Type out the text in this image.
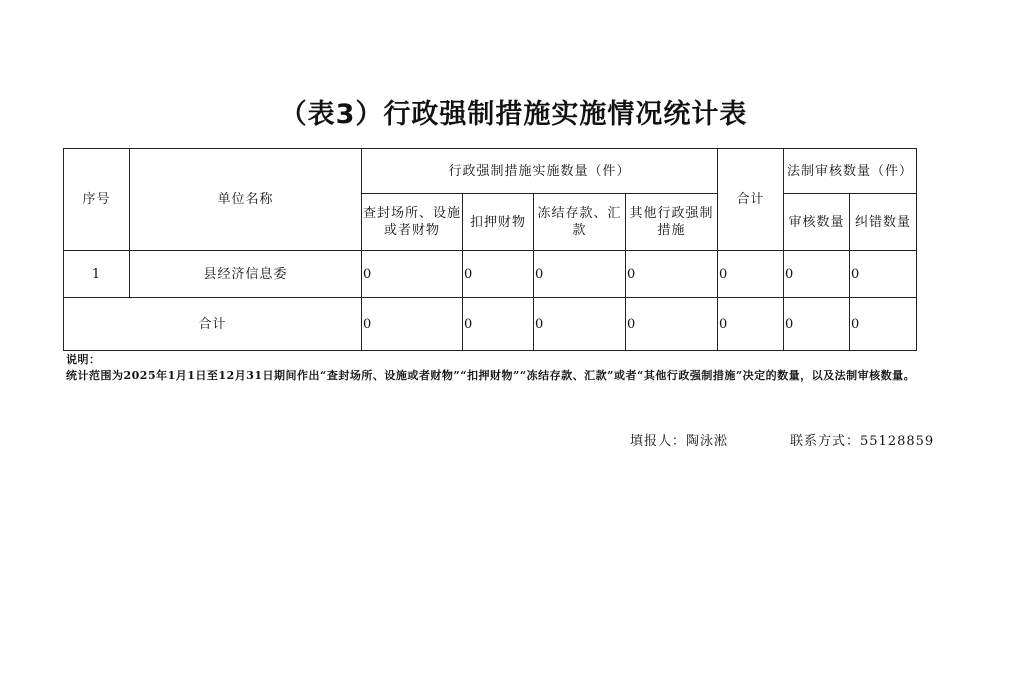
（表3）行政强制措施实施情况统计表
序号	单位名称	行政强制措施实施数量（件）				合计	法制审核数量（件）	
		查封场所、设施或者财物	扣押财物	冻结存款、汇款	其他行政强制措施		审核数量	纠错数量
1	县经济信息委	0	0	0	0	0	0	0
合计		0	0	0	0	0	0	0
说明：
统计范围为2025年1月1日至12月31日期间作出“查封场所、设施或者财物”“扣押财物”“冻结存款、汇款”或者“其他行政强制措施”决定的数量，以及法制审核数量。
填报人：陶泳淞	联系方式：55128859
